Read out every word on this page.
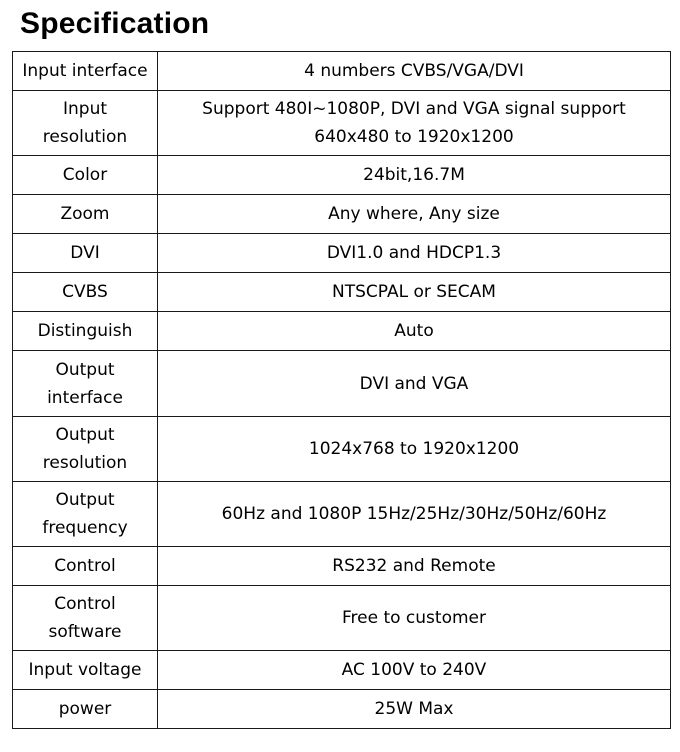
Specification
Input interface	4 numbers CVBS/VGA/DVI
Input resolution	Support 480I~1080P, DVI and VGA signal support 640x480 to 1920x1200
Color	24bit,16.7M
Zoom	Any where, Any size
DVI	DVI1.0 and HDCP1.3
CVBS	NTSCPAL or SECAM
Distinguish	Auto
Output interface	DVI and VGA
Output resolution	1024x768 to 1920x1200
Output frequency	60Hz and 1080P 15Hz/25Hz/30Hz/50Hz/60Hz
Control	RS232 and Remote
Control software	Free to customer
Input voltage	AC 100V to 240V
power	25W Max
